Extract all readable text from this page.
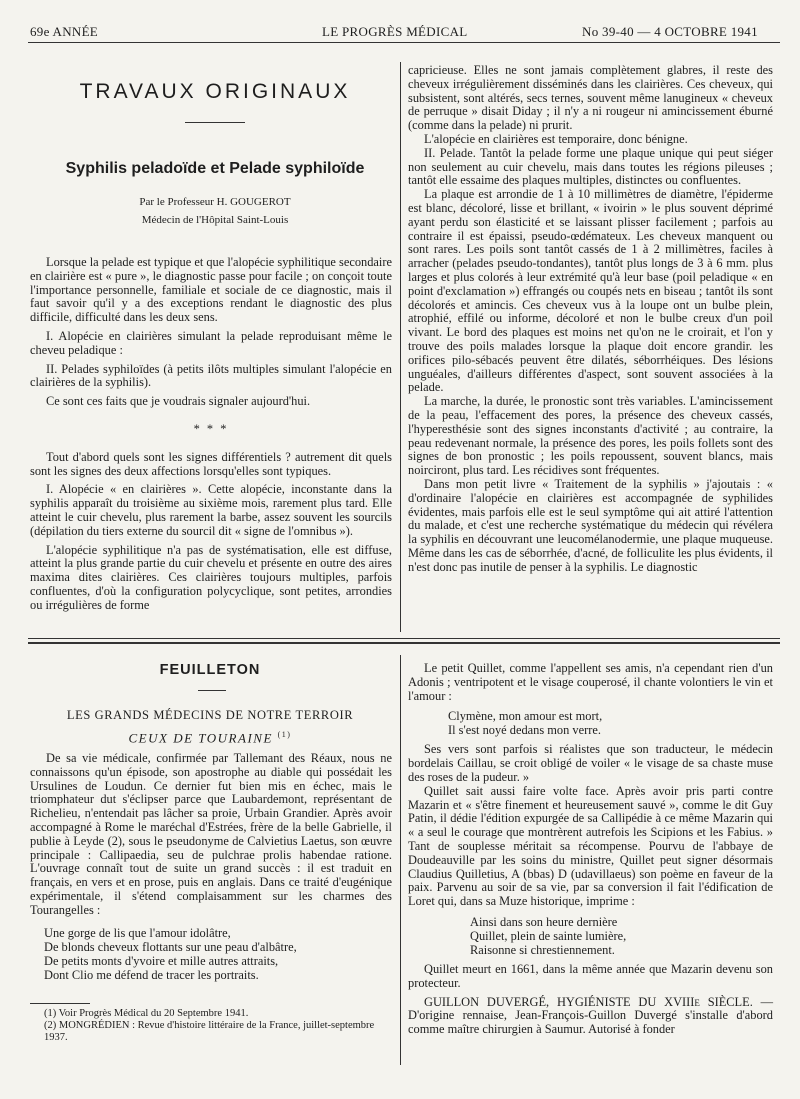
69e ANNÉE	LE PROGRÈS MÉDICAL	No 39-40 — 4 OCTOBRE 1941
TRAVAUX ORIGINAUX
Syphilis peladoïde et Pelade syphiloïde
Par le Professeur H. GOUGEROT
Médecin de l'Hôpital Saint-Louis

Lorsque la pelade est typique et que l'alopécie syphilitique secondaire en clairière est « pure », le diagnostic passe pour facile ; on conçoit toute l'importance personnelle, familiale et sociale de ce diagnostic, mais il faut savoir qu'il y a des exceptions rendant le diagnostic des plus difficile, difficulté dans les deux sens.

I. Alopécie en clairières simulant la pelade reproduisant même le cheveu peladique :

II. Pelades syphiloïdes (à petits ilôts multiples simulant l'alopécie en clairières de la syphilis).

Ce sont ces faits que je voudrais signaler aujourd'hui.

* * *

Tout d'abord quels sont les signes différentiels ? autrement dit quels sont les signes des deux affections lorsqu'elles sont typiques.

I. Alopécie « en clairières ». Cette alopécie, inconstante dans la syphilis apparaît du troisième au sixième mois, rarement plus tard. Elle atteint le cuir chevelu, plus rarement la barbe, assez souvent les sourcils (dépilation du tiers externe du sourcil dit « signe de l'omnibus »).

L'alopécie syphilitique n'a pas de systématisation, elle est diffuse, atteint la plus grande partie du cuir chevelu et présente en outre des aires maxima dites clairières. Ces clairières toujours multiples, parfois confluentes, d'où la configuration polycyclique, sont petites, arrondies ou irrégulières de forme

capricieuse. Elles ne sont jamais complètement glabres, il reste des cheveux irrégulièrement disséminés dans les clairières. Ces cheveux, qui subsistent, sont altérés, secs ternes, souvent même lanugineux « cheveux de perruque » disait Diday ; il n'y a ni rougeur ni amincissement éburné (comme dans la pelade) ni prurit.

L'alopécie en clairières est temporaire, donc bénigne.

II. Pelade. Tantôt la pelade forme une plaque unique qui peut siéger non seulement au cuir chevelu, mais dans toutes les régions pileuses ; tantôt elle essaime des plaques multiples, distinctes ou confluentes.

La plaque est arrondie de 1 à 10 millimètres de diamètre, l'épiderme est blanc, décoloré, lisse et brillant, « ivoirin » le plus souvent déprimé ayant perdu son élasticité et se laissant plisser facilement ; parfois au contraire il est épaissi, pseudo-œdémateux. Les cheveux manquent ou sont rares. Les poils sont tantôt cassés de 1 à 2 millimètres, faciles à arracher (pelades pseudo-tondantes), tantôt plus longs de 3 à 6 mm. plus larges et plus colorés à leur extrémité qu'à leur base (poil peladique « en point d'exclamation ») effrangés ou coupés nets en biseau ; tantôt ils sont décolorés et amincis. Ces cheveux vus à la loupe ont un bulbe plein, atrophié, effilé ou informe, décoloré et non le bulbe creux d'un poil vivant. Le bord des plaques est moins net qu'on ne le croirait, et l'on y trouve des poils malades lorsque la plaque doit encore grandir. les orifices pilo-sébacés peuvent être dilatés, séborrhéiques. Des lésions unguéales, d'ailleurs différentes d'aspect, sont souvent associées à la pelade.

La marche, la durée, le pronostic sont très variables. L'amincissement de la peau, l'effacement des pores, la présence des cheveux cassés, l'hyperesthésie sont des signes inconstants d'activité ; au contraire, la peau redevenant normale, la présence des pores, les poils follets sont des signes de bon pronostic ; les poils repoussent, souvent blancs, mais noirciront, plus tard. Les récidives sont fréquentes.

Dans mon petit livre « Traitement de la syphilis » j'ajoutais : « d'ordinaire l'alopécie en clairières est accompagnée de syphilides évidentes, mais parfois elle est le seul symptôme qui ait attiré l'attention du malade, et c'est une recherche systématique du médecin qui révélera la syphilis en découvrant une leucomélanodermie, une plaque muqueuse. Même dans les cas de séborrhée, d'acné, de folliculite les plus évidents, il n'est donc pas inutile de penser à la syphilis. Le diagnostic

FEUILLETON
LES GRANDS MÉDECINS DE NOTRE TERROIR
CEUX DE TOURAINE $^{(1)}$

De sa vie médicale, confirmée par Tallemant des Réaux, nous ne connaissons qu'un épisode, son apostrophe au diable qui possédait les Ursulines de Loudun. Ce dernier fut bien mis en échec, mais le triomphateur dut s'éclipser parce que Laubardemont, représentant de Richelieu, n'entendait pas lâcher sa proie, Urbain Grandier. Après avoir accompagné à Rome le maréchal d'Estrées, frère de la belle Gabrielle, il publie à Leyde (2), sous le pseudonyme de Calvietius Laetus, son œuvre principale : Callipaedia, seu de pulchrae prolis habendae ratione. L'ouvrage connaît tout de suite un grand succès : il est traduit en français, en vers et en prose, puis en anglais. Dans ce traité d'eugénique expérimentale, il s'étend complaisamment sur les charmes des Tourangelles :

Une gorge de lis que l'amour idolâtre,
De blonds cheveux flottants sur une peau d'albâtre,
De petits monts d'yvoire et mille autres attraits,
Dont Clio me défend de tracer les portraits.
(1) Voir Progrès Médical du 20 Septembre 1941.
(2) MONGRÉDIEN : Revue d'histoire littéraire de la France, juillet-septembre 1937.

Le petit Quillet, comme l'appellent ses amis, n'a cependant rien d'un Adonis ; ventripotent et le visage couperosé, il chante volontiers le vin et l'amour :

Clymène, mon amour est mort,
Il s'est noyé dedans mon verre.

Ses vers sont parfois si réalistes que son traducteur, le médecin bordelais Caillau, se croit obligé de voiler « le visage de sa chaste muse des roses de la pudeur. »

Quillet sait aussi faire volte face. Après avoir pris parti contre Mazarin et « s'être finement et heureusement sauvé », comme le dit Guy Patin, il dédie l'édition expurgée de sa Callipédie à ce même Mazarin qui « a seul le courage que montrèrent autrefois les Scipions et les Fabius. » Tant de souplesse méritait sa récompense. Pourvu de l'abbaye de Doudeauville par les soins du ministre, Quillet peut signer désormais Claudius Quilletius, A (bbas) D (udavillaeus) son poème en faveur de la paix. Parvenu au soir de sa vie, par sa conversion il fait l'édification de Loret qui, dans sa Muze historique, imprime :

Ainsi dans son heure dernière
Quillet, plein de sainte lumière,
Raisonne si chrestiennement.

Quillet meurt en 1661, dans la même année que Mazarin devenu son protecteur.

GUILLON DUVERGÉ, HYGIÉNISTE DU XVIIIe SIÈCLE. — D'origine rennaise, Jean-François-Guillon Duvergé s'installe d'abord comme maître chirurgien à Saumur. Autorisé à fonder
